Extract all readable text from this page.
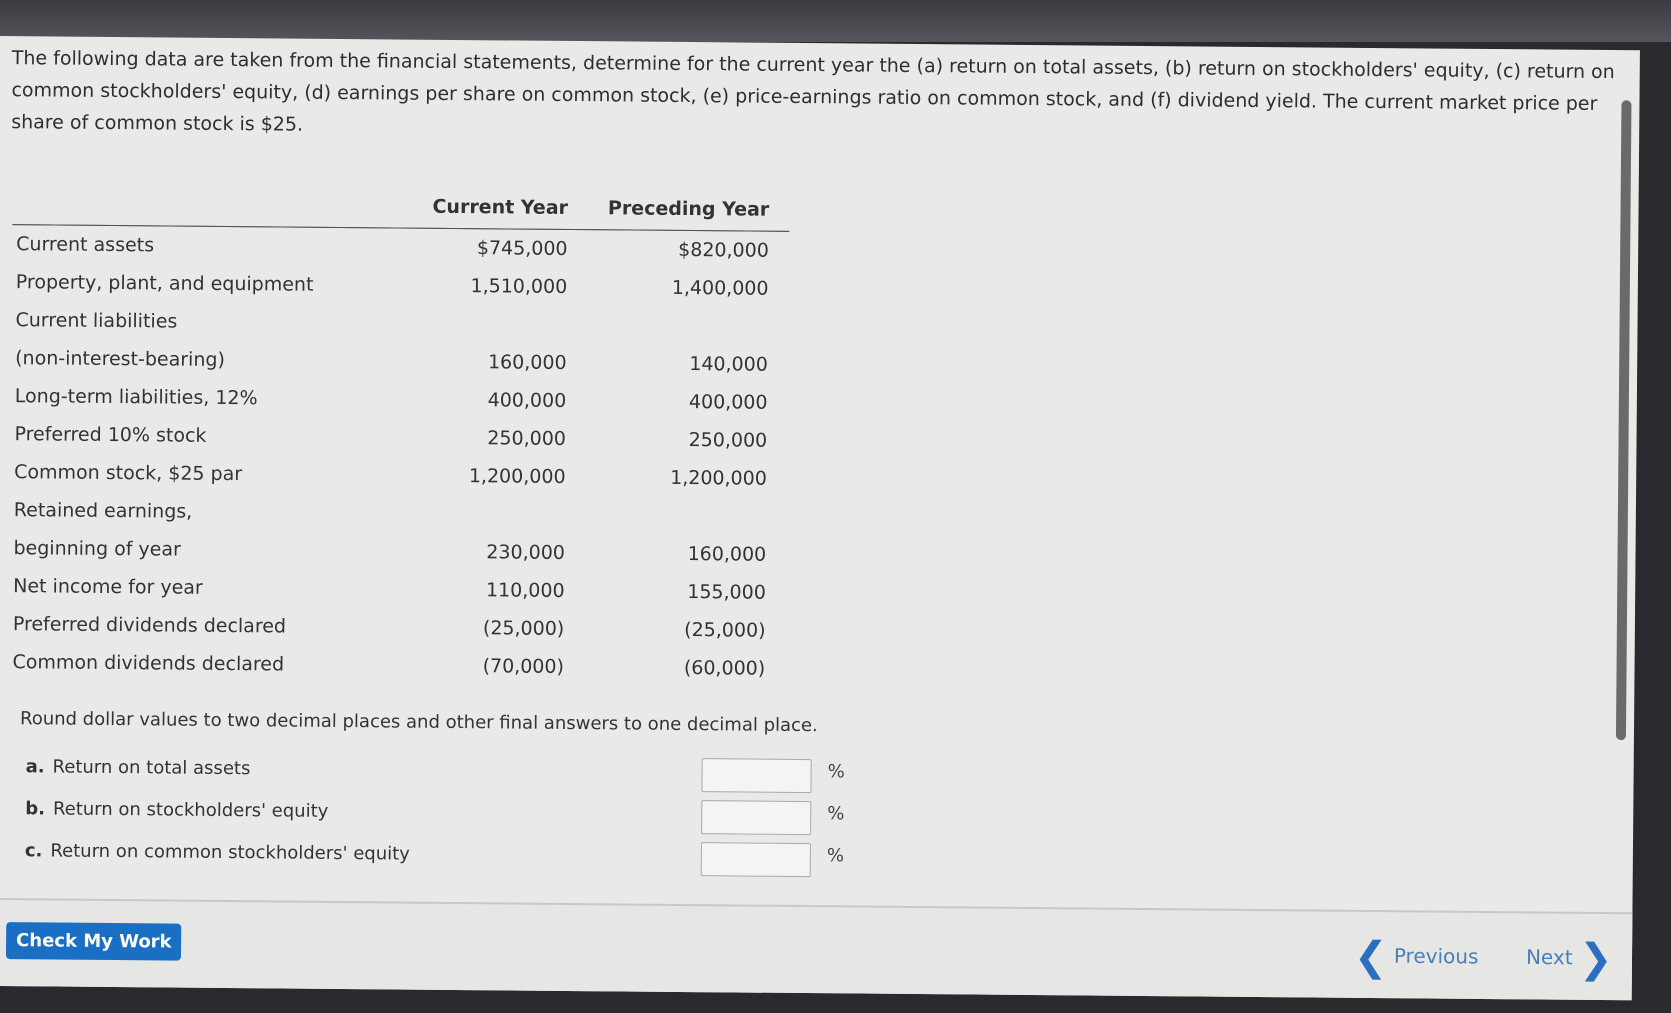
The following data are taken from the financial statements, determine for the current year the (a) return on total assets, (b) return on stockholders' equity, (c) return on common stockholders' equity, (d) earnings per share on common stock, (e) price-earnings ratio on common stock, and (f) dividend yield. The current market price per share of common stock is $25.
	Current Year	Preceding Year
Current assets	$745,000	$820,000
Property, plant, and equipment	1,510,000	1,400,000
Current liabilities		
(non-interest-bearing)	160,000	140,000
Long-term liabilities, 12%	400,000	400,000
Preferred 10% stock	250,000	250,000
Common stock, $25 par	1,200,000	1,200,000
Retained earnings,		
beginning of year	230,000	160,000
Net income for year	110,000	155,000
Preferred dividends declared	(25,000)	(25,000)
Common dividends declared	(70,000)	(60,000)
Round dollar values to two decimal places and other final answers to one decimal place.
a. Return on total assets	%
b. Return on stockholders' equity	%
c. Return on common stockholders' equity	%
Check My Work	❮ Previous Next ❯
